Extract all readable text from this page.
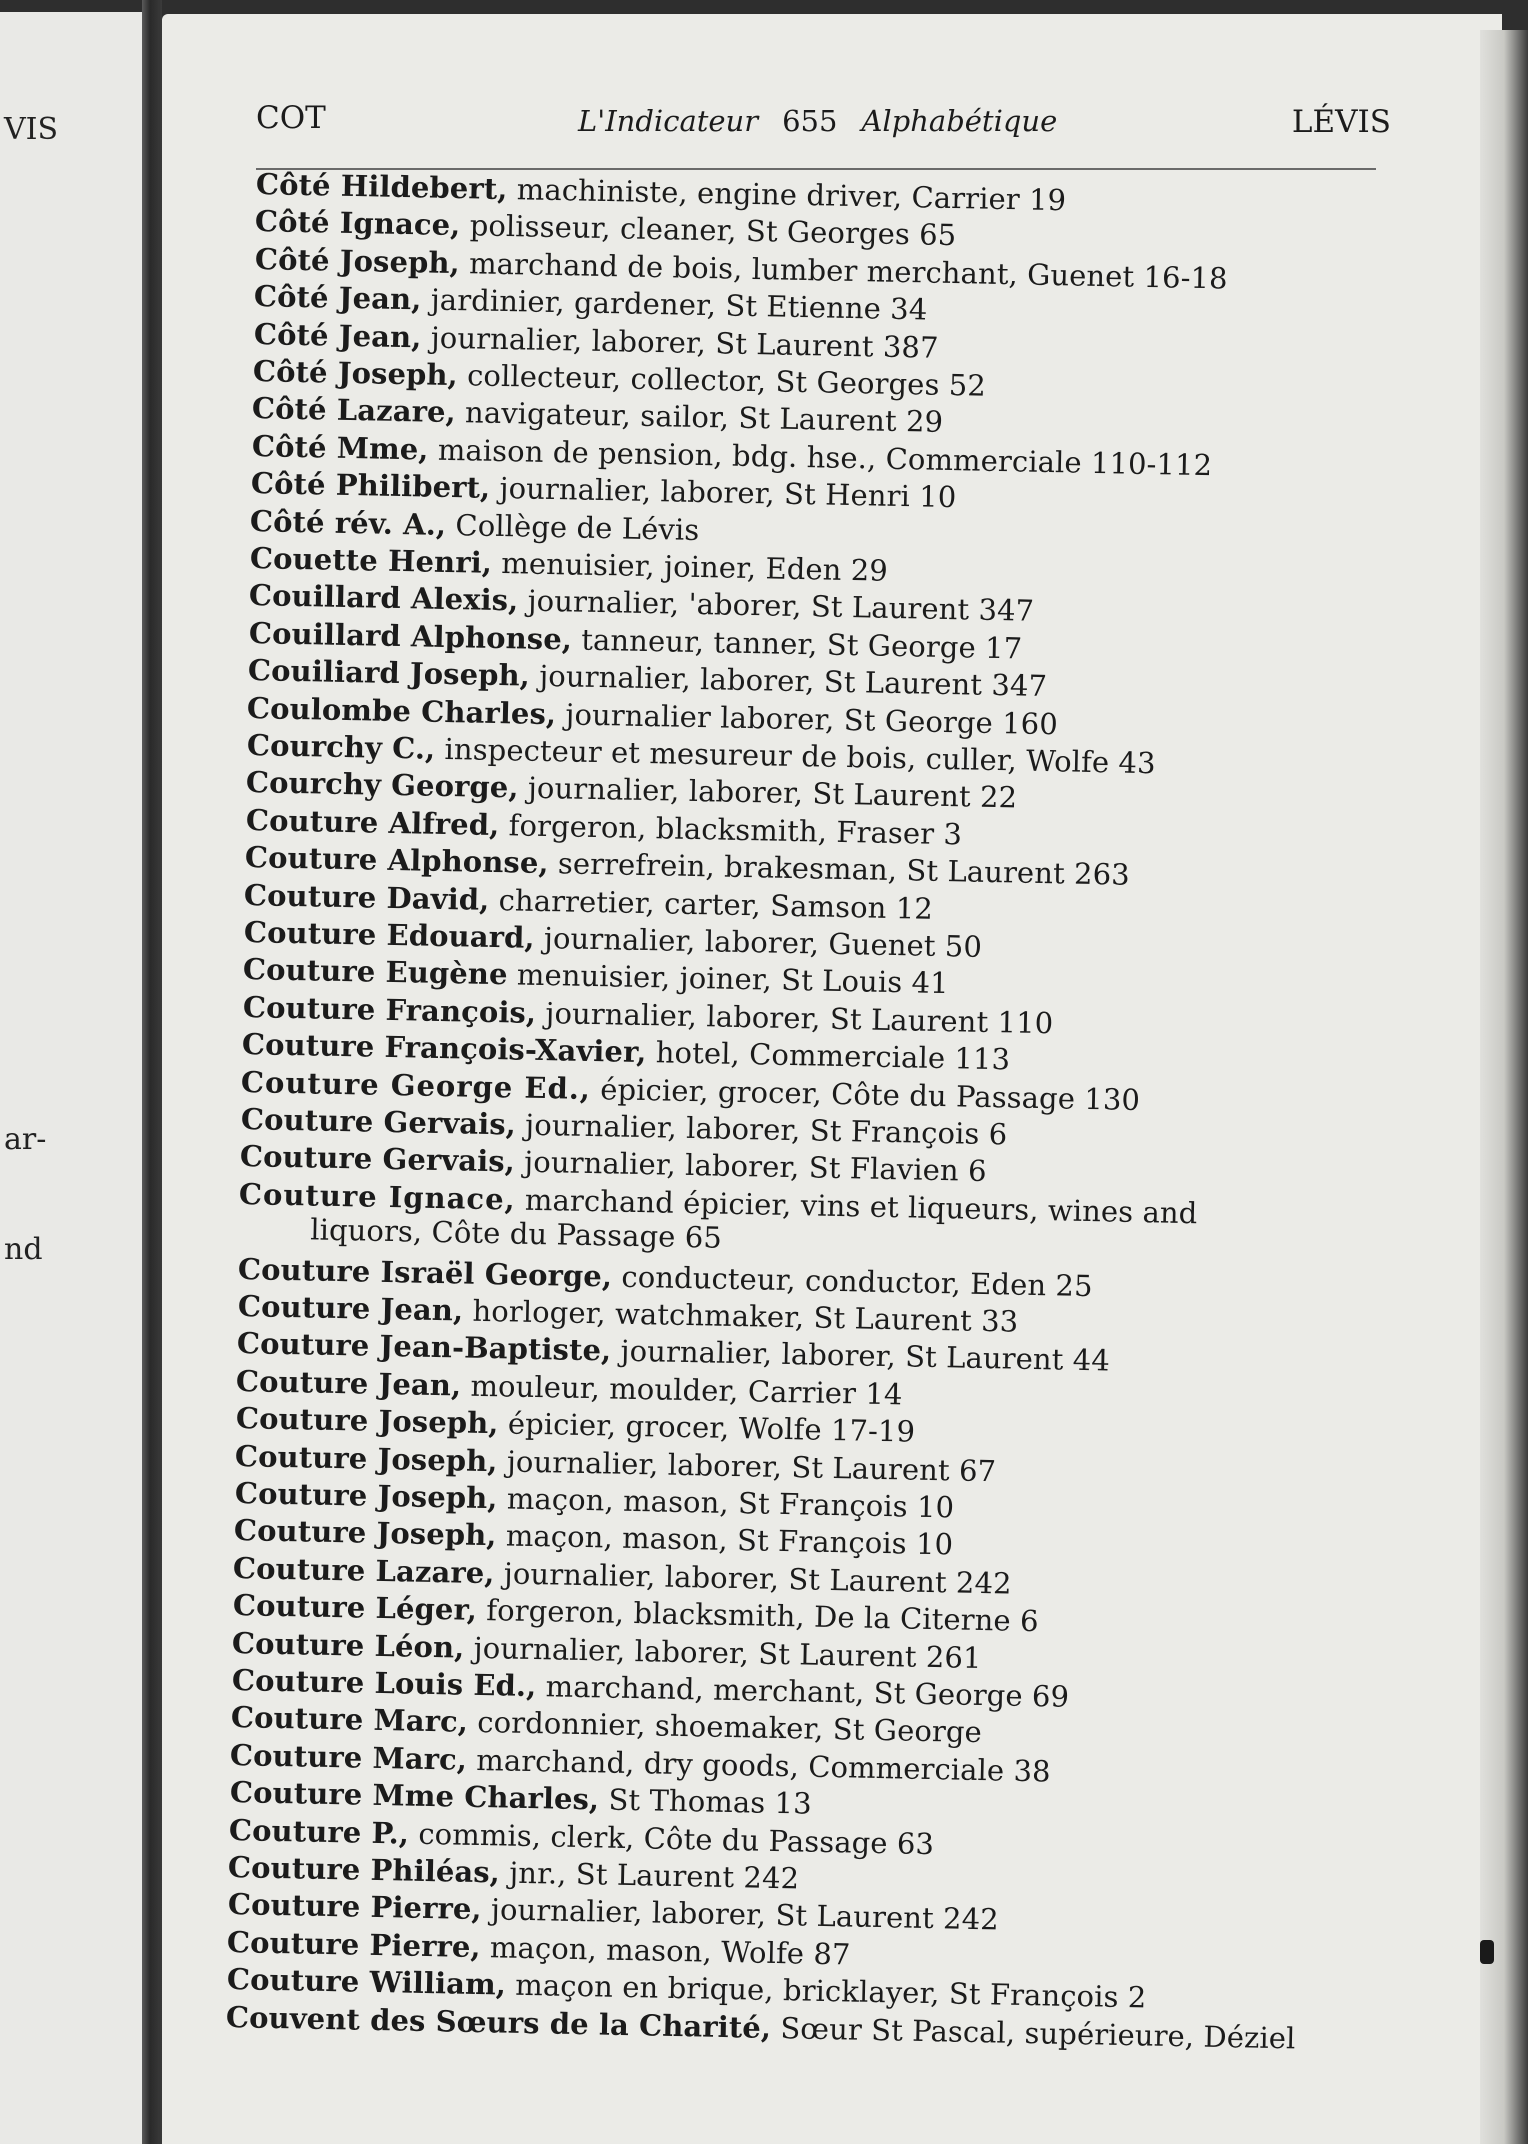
VIS
ar-
nd
COT	L'Indicateur 655 Alphabétique	LÉVIS
Côté Hildebert, machiniste, engine driver, Carrier 19
Côté Ignace, polisseur, cleaner, St Georges 65
Côté Joseph, marchand de bois, lumber merchant, Guenet 16-18
Côté Jean, jardinier, gardener, St Etienne 34
Côté Jean, journalier, laborer, St Laurent 387
Côté Joseph, collecteur, collector, St Georges 52
Côté Lazare, navigateur, sailor, St Laurent 29
Côté Mme, maison de pension, bdg. hse., Commerciale 110-112
Côté Philibert, journalier, laborer, St Henri 10
Côté rév. A., Collège de Lévis
Couette Henri, menuisier, joiner, Eden 29
Couillard Alexis, journalier, 'aborer, St Laurent 347
Couillard Alphonse, tanneur, tanner, St George 17
Couiliard Joseph, journalier, laborer, St Laurent 347
Coulombe Charles, journalier laborer, St George 160
Courchy C., inspecteur et mesureur de bois, culler, Wolfe 43
Courchy George, journalier, laborer, St Laurent 22
Couture Alfred, forgeron, blacksmith, Fraser 3
Couture Alphonse, serrefrein, brakesman, St Laurent 263
Couture David, charretier, carter, Samson 12
Couture Edouard, journalier, laborer, Guenet 50
Couture Eugène menuisier, joiner, St Louis 41
Couture François, journalier, laborer, St Laurent 110
Couture François-Xavier, hotel, Commerciale 113
Couture George Ed., épicier, grocer, Côte du Passage 130
Couture Gervais, journalier, laborer, St François 6
Couture Gervais, journalier, laborer, St Flavien 6
Couture Ignace, marchand épicier, vins et liqueurs, wines and
liquors, Côte du Passage 65
Couture Israël George, conducteur, conductor, Eden 25
Couture Jean, horloger, watchmaker, St Laurent 33
Couture Jean-Baptiste, journalier, laborer, St Laurent 44
Couture Jean, mouleur, moulder, Carrier 14
Couture Joseph, épicier, grocer, Wolfe 17-19
Couture Joseph, journalier, laborer, St Laurent 67
Couture Joseph, maçon, mason, St François 10
Couture Joseph, maçon, mason, St François 10
Couture Lazare, journalier, laborer, St Laurent 242
Couture Léger, forgeron, blacksmith, De la Citerne 6
Couture Léon, journalier, laborer, St Laurent 261
Couture Louis Ed., marchand, merchant, St George 69
Couture Marc, cordonnier, shoemaker, St George
Couture Marc, marchand, dry goods, Commerciale 38
Couture Mme Charles, St Thomas 13
Couture P., commis, clerk, Côte du Passage 63
Couture Philéas, jnr., St Laurent 242
Couture Pierre, journalier, laborer, St Laurent 242
Couture Pierre, maçon, mason, Wolfe 87
Couture William, maçon en brique, bricklayer, St François 2
Couvent des Sœurs de la Charité, Sœur St Pascal, supérieure, Déziel
